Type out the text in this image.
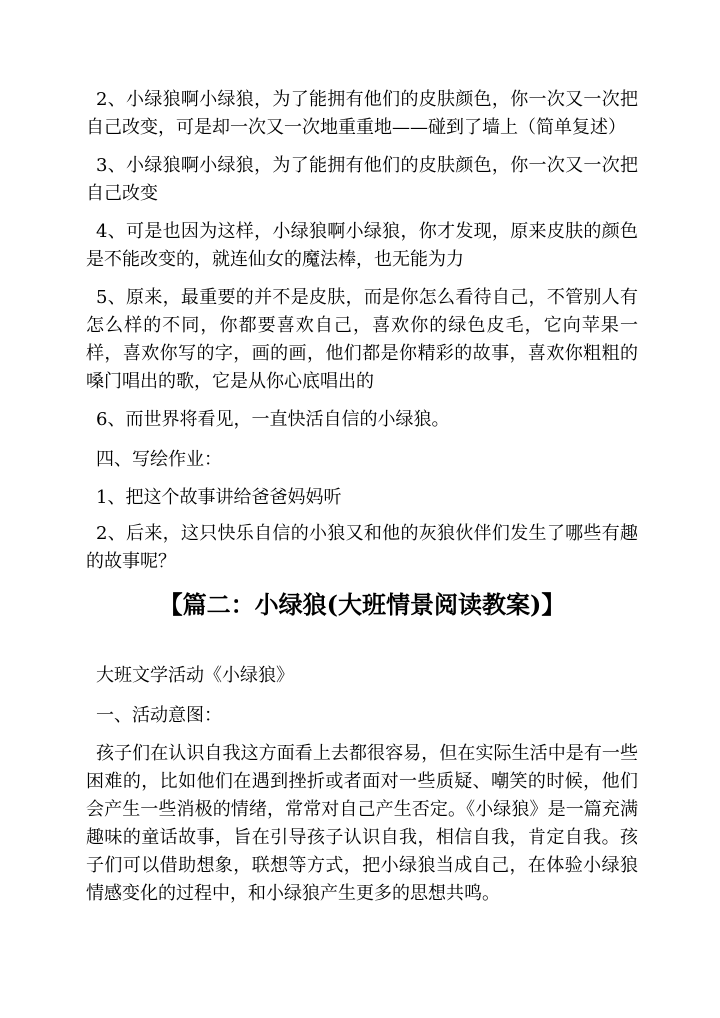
2、小绿狼啊小绿狼，为了能拥有他们的皮肤颜色，你一次又一次把自己改变，可是却一次又一次地重重地——碰到了墙上（简单复述）

3、小绿狼啊小绿狼，为了能拥有他们的皮肤颜色，你一次又一次把自己改变

4、可是也因为这样，小绿狼啊小绿狼，你才发现，原来皮肤的颜色是不能改变的，就连仙女的魔法棒，也无能为力

5、原来，最重要的并不是皮肤，而是你怎么看待自己，不管别人有怎么样的不同，你都要喜欢自己，喜欢你的绿色皮毛，它向苹果一样，喜欢你写的字，画的画，他们都是你精彩的故事，喜欢你粗粗的嗓门唱出的歌，它是从你心底唱出的

6、而世界将看见，一直快活自信的小绿狼。

四、写绘作业：

1、把这个故事讲给爸爸妈妈听

2、后来，这只快乐自信的小狼又和他的灰狼伙伴们发生了哪些有趣的故事呢？

【篇二：小绿狼(大班情景阅读教案)】

大班文学活动《小绿狼》

一、活动意图：

孩子们在认识自我这方面看上去都很容易，但在实际生活中是有一些困难的，比如他们在遇到挫折或者面对一些质疑、嘲笑的时候，他们会产生一些消极的情绪，常常对自己产生否定。《小绿狼》是一篇充满趣味的童话故事，旨在引导孩子认识自我，相信自我，肯定自我。孩子们可以借助想象，联想等方式，把小绿狼当成自己，在体验小绿狼情感变化的过程中，和小绿狼产生更多的思想共鸣。
